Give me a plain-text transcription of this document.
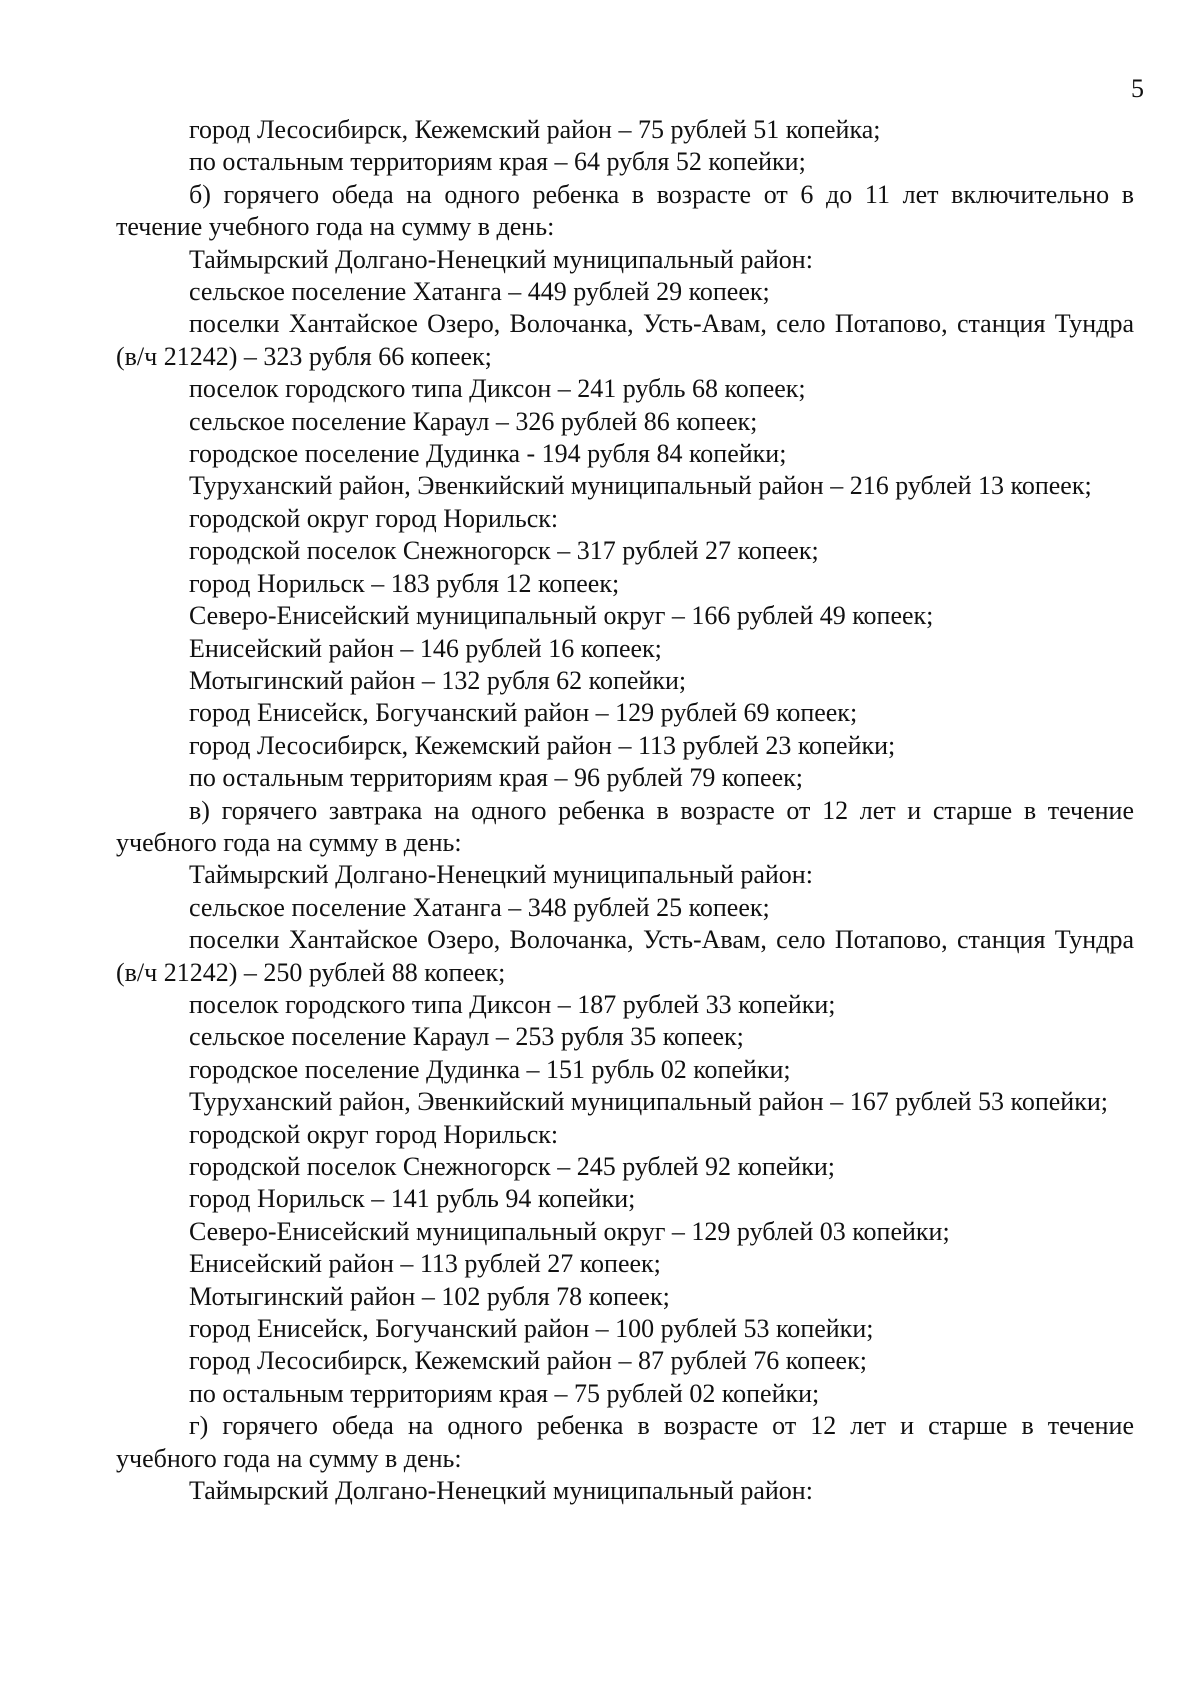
5

город Лесосибирск, Кежемский район – 75 рублей 51 копейка;

по остальным территориям края – 64 рубля 52 копейки;

б) горячего обеда на одного ребенка в возрасте от 6 до 11 лет включительно в течение учебного года на сумму в день:

Таймырский Долгано-Ненецкий муниципальный район:

сельское поселение Хатанга – 449 рублей 29 копеек;

поселки Хантайское Озеро, Волочанка, Усть-Авам, село Потапово, станция Тундра (в/ч 21242) – 323 рубля 66 копеек;

поселок городского типа Диксон – 241 рубль 68 копеек;

сельское поселение Караул – 326 рублей 86 копеек;

городское поселение Дудинка - 194 рубля 84 копейки;

Туруханский район, Эвенкийский муниципальный район – 216 рублей 13 копеек;

городской округ город Норильск:

городской поселок Снежногорск – 317 рублей 27 копеек;

город Норильск – 183 рубля 12 копеек;

Северо-Енисейский муниципальный округ – 166 рублей 49 копеек;

Енисейский район – 146 рублей 16 копеек;

Мотыгинский район – 132 рубля 62 копейки;

город Енисейск, Богучанский район – 129 рублей 69 копеек;

город Лесосибирск, Кежемский район – 113 рублей 23 копейки;

по остальным территориям края – 96 рублей 79 копеек;

в) горячего завтрака на одного ребенка в возрасте от 12 лет и старше в течение учебного года на сумму в день:

Таймырский Долгано-Ненецкий муниципальный район:

сельское поселение Хатанга – 348 рублей 25 копеек;

поселки Хантайское Озеро, Волочанка, Усть-Авам, село Потапово, станция Тундра (в/ч 21242) – 250 рублей 88 копеек;

поселок городского типа Диксон – 187 рублей 33 копейки;

сельское поселение Караул – 253 рубля 35 копеек;

городское поселение Дудинка – 151 рубль 02 копейки;

Туруханский район, Эвенкийский муниципальный район – 167 рублей 53 копейки;

городской округ город Норильск:

городской поселок Снежногорск – 245 рублей 92 копейки;

город Норильск – 141 рубль 94 копейки;

Северо-Енисейский муниципальный округ – 129 рублей 03 копейки;

Енисейский район – 113 рублей 27 копеек;

Мотыгинский район – 102 рубля 78 копеек;

город Енисейск, Богучанский район – 100 рублей 53 копейки;

город Лесосибирск, Кежемский район – 87 рублей 76 копеек;

по остальным территориям края – 75 рублей 02 копейки;

г) горячего обеда на одного ребенка в возрасте от 12 лет и старше в течение учебного года на сумму в день:

Таймырский Долгано-Ненецкий муниципальный район:
